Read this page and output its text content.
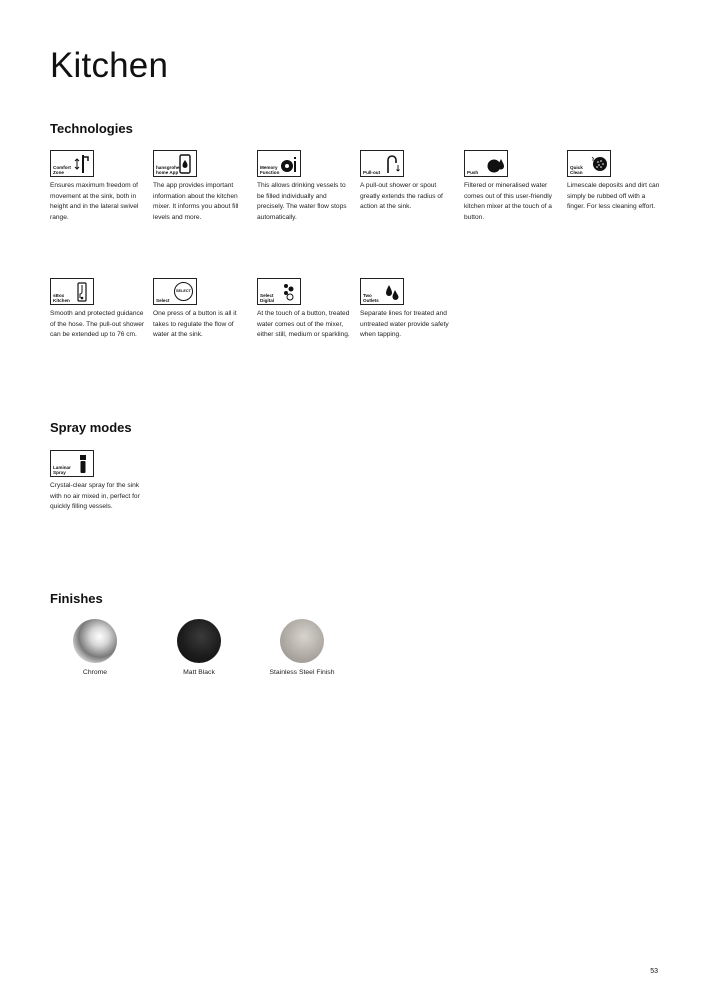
Kitchen
Technologies
Comfort
Zone
Ensures maximum freedom of movement at the sink, both in height and in the lateral swivel range.
hansgrohe
home App
The app provides important information about the kitchen mixer. It informs you about fill levels and more.
Memory
Function
This allows drinking vessels to be filled individually and precisely. The water flow stops automatically.
Pull-out
A pull-out shower or spout greatly extends the radius of action at the sink.
Push
Filtered or mineralised water comes out of this user-friendly kitchen mixer at the touch of a button.
Quick
Clean
Limescale deposits and dirt can simply be rubbed off with a finger. For less cleaning effort.
sBox
Kitchen
Smooth and protected guidance of the hose. The pull-out shower can be extended up to 76 cm.
Select
SELECT
One press of a button is all it takes to regulate the flow of water at the sink.
Select
Digital
At the touch of a button, treated water comes out of the mixer, either still, medium or sparkling.
Two
Outlets
Separate lines for treated and untreated water provide safety when tapping.
Spray modes
Laminar
Spray
Crystal-clear spray for the sink with no air mixed in, perfect for quickly filling vessels.
Finishes
Chrome	Matt Black	Stainless Steel Finish
53
